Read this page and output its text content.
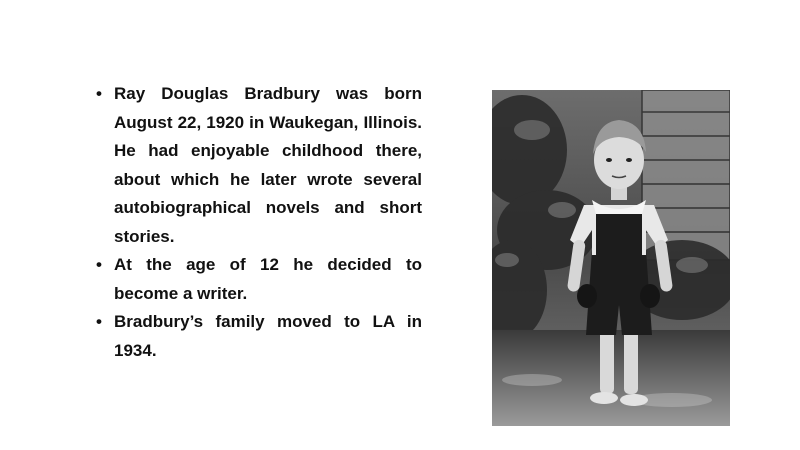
• Ray Douglas Bradbury was born August 22, 1920 in Waukegan, Illinois. He had enjoyable childhood there, about which he later wrote several autobiographical novels and short stories.
• At the age of 12 he decided to become a writer.
• Bradbury’s family moved to LA in 1934.
